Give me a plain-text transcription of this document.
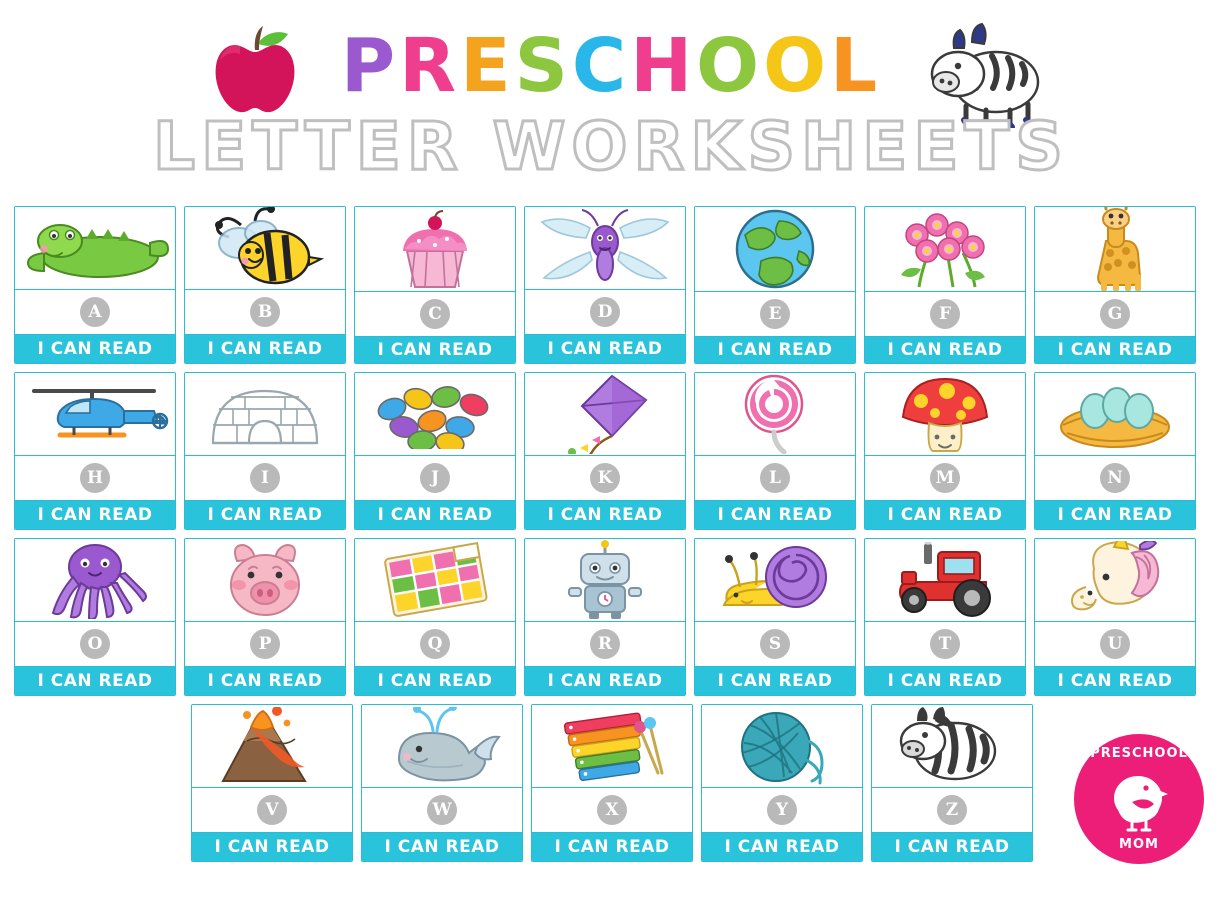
PRESCHOOL
LETTER WORKSHEETS
A
I CAN READ
B
I CAN READ
C
I CAN READ
D
I CAN READ
E
I CAN READ
F
I CAN READ
G
I CAN READ
H
I CAN READ
I
I CAN READ
J
I CAN READ
K
I CAN READ
L
I CAN READ
M
I CAN READ
N
I CAN READ
O
I CAN READ
P
I CAN READ
Q
I CAN READ
R
I CAN READ
S
I CAN READ
T
I CAN READ
U
I CAN READ
V
I CAN READ
W
I CAN READ
X
I CAN READ
Y
I CAN READ
Z
I CAN READ
PRESCHOOL
MOM
